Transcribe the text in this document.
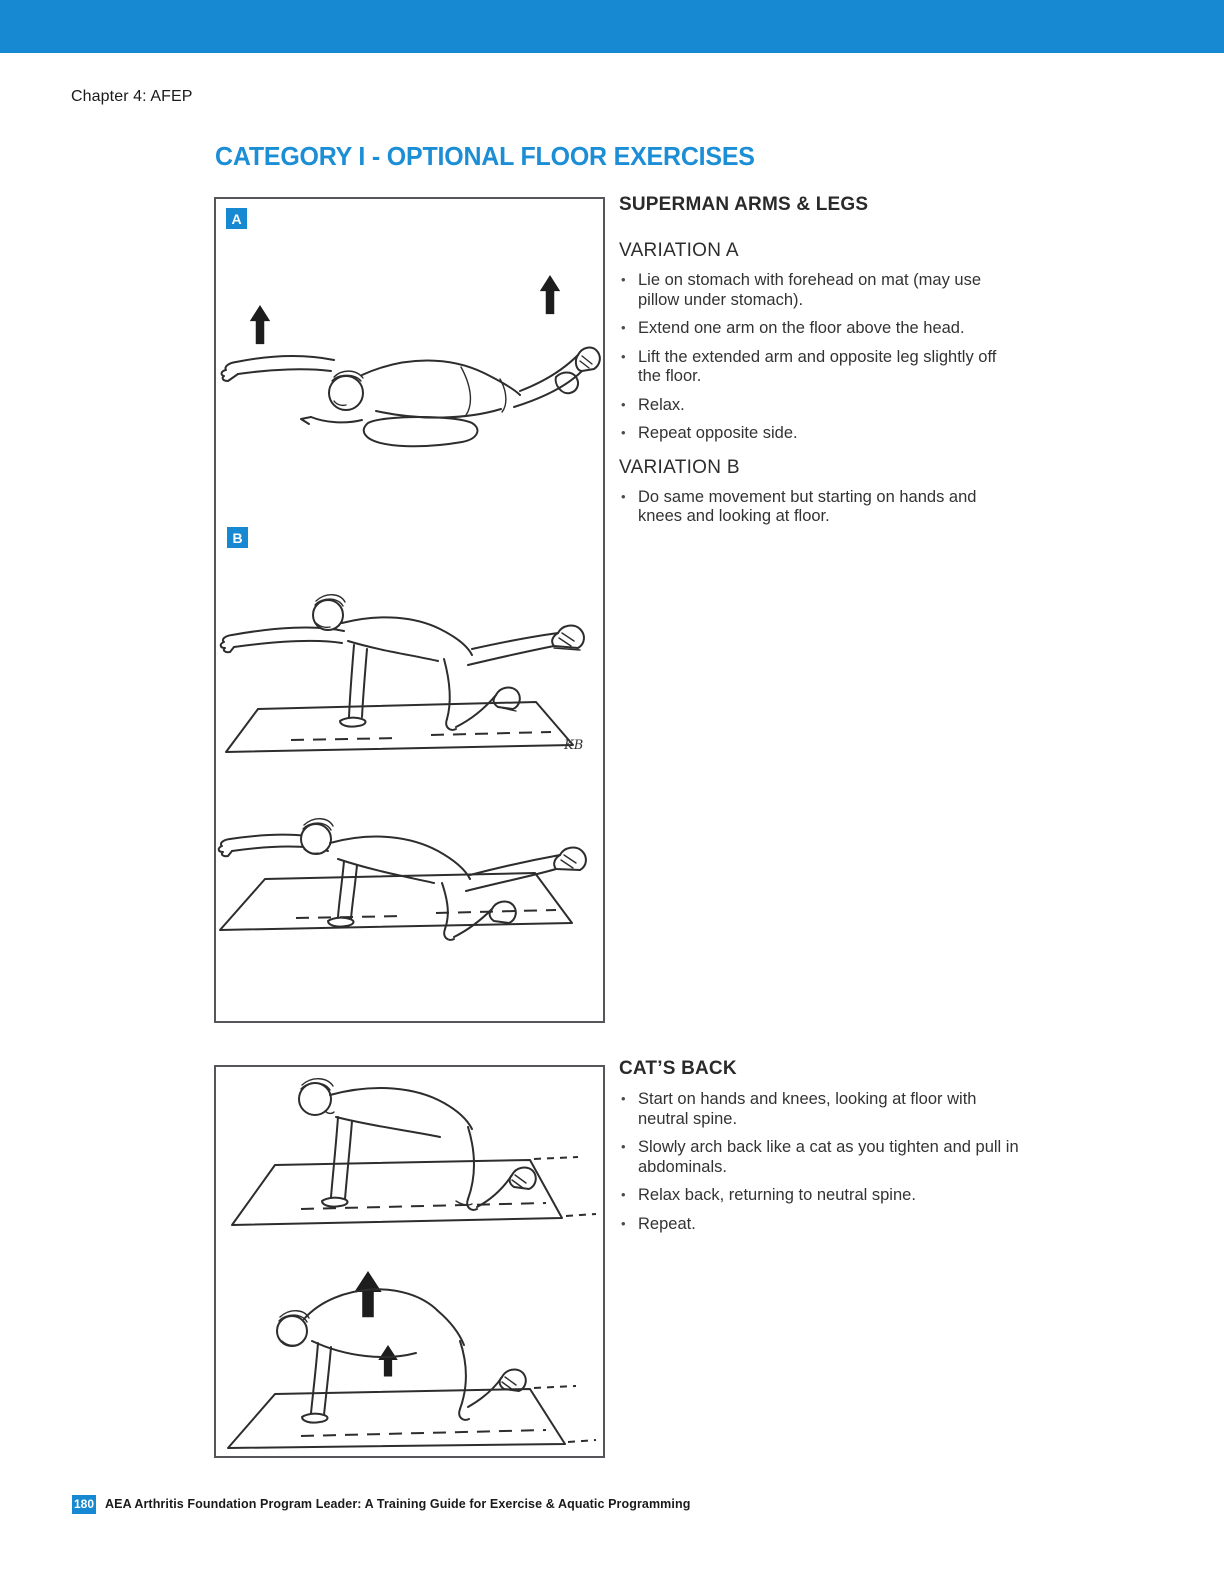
Chapter 4: AFEP
CATEGORY I - OPTIONAL FLOOR EXERCISES
A
B
KB
SUPERMAN ARMS & LEGS
VARIATION A
• Lie on stomach with forehead on mat (may use pillow under stomach).
• Extend one arm on the floor above the head.
• Lift the extended arm and opposite leg slightly off the floor.
• Relax.
• Repeat opposite side.
VARIATION B
• Do same movement but starting on hands and knees and looking at floor.
CAT’S BACK
• Start on hands and knees, looking at floor with neutral spine.
• Slowly arch back like a cat as you tighten and pull in abdominals.
• Relax back, returning to neutral spine.
• Repeat.
180 AEA Arthritis Foundation Program Leader: A Training Guide for Exercise & Aquatic Programming
